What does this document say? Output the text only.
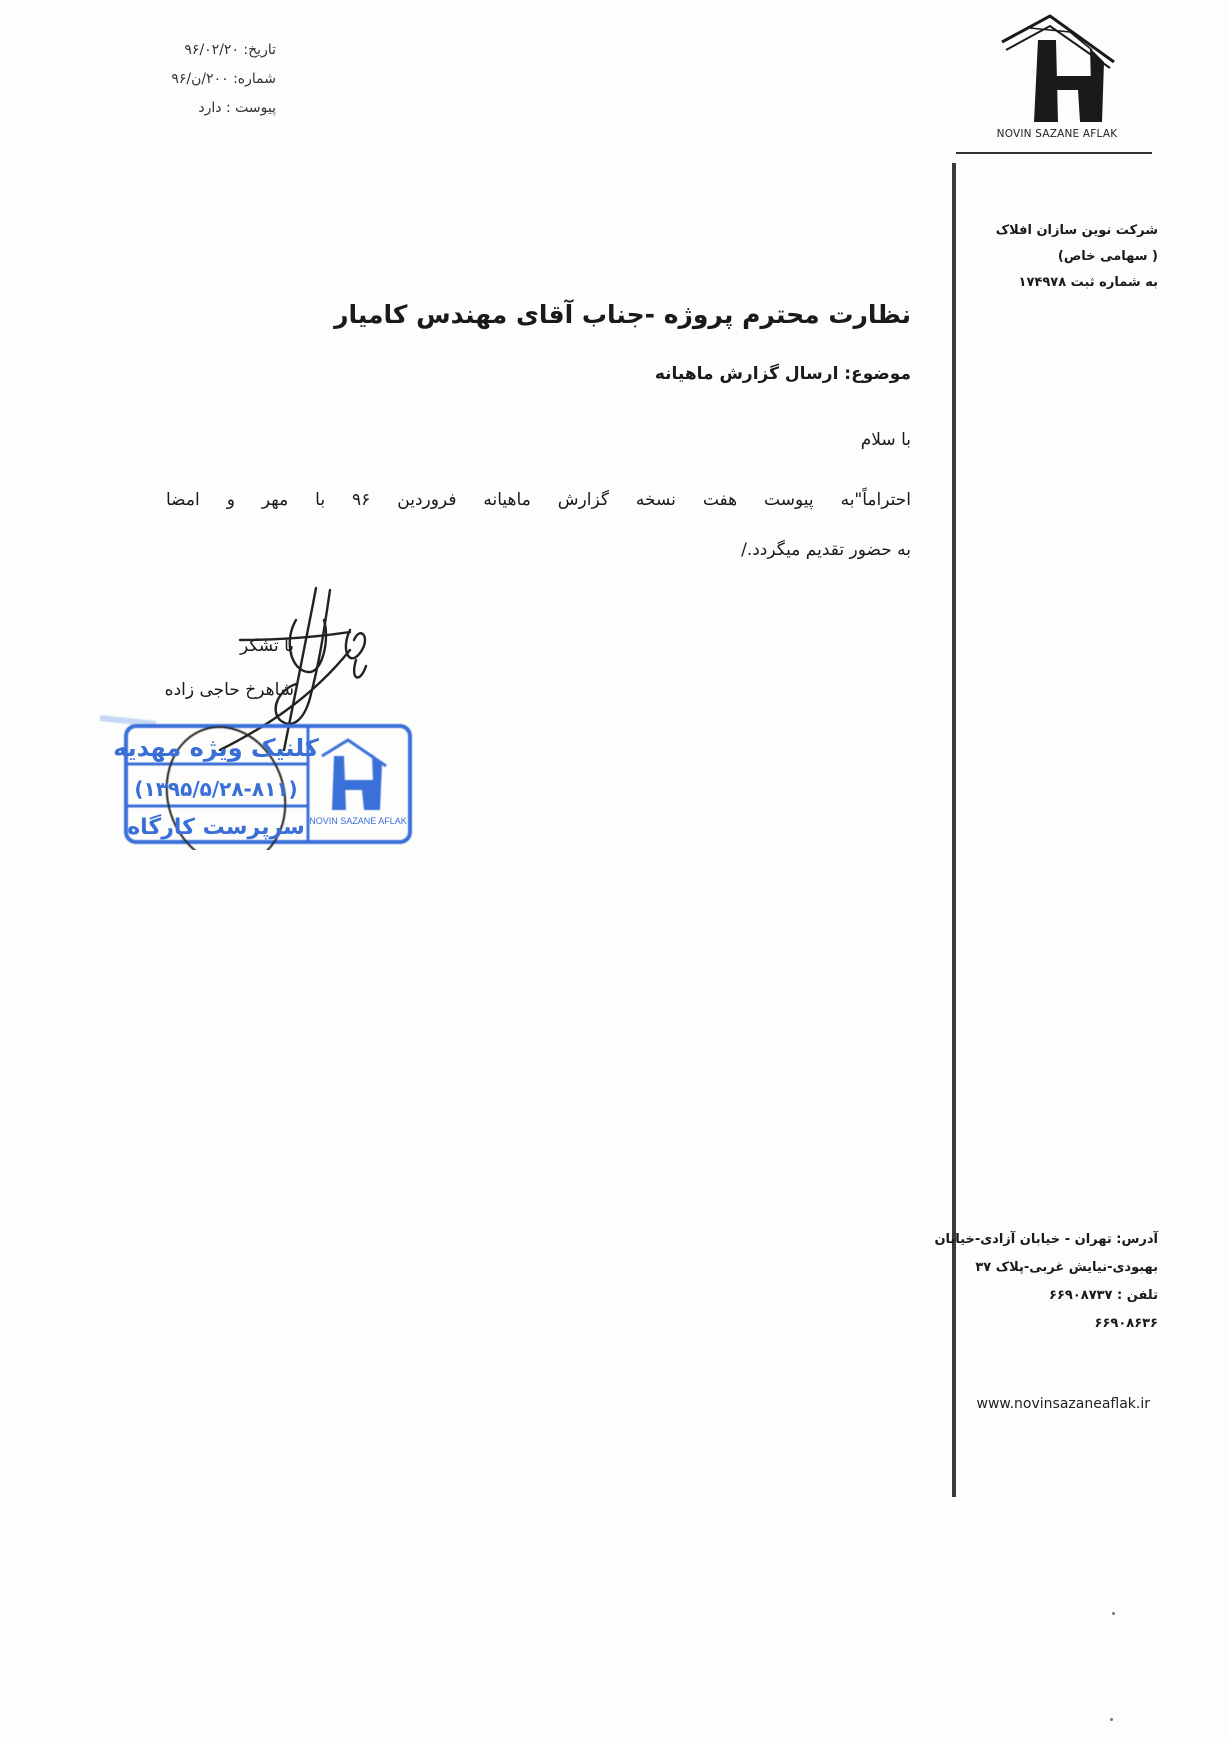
تاریخ: ۹۶/۰۲/۲۰
شماره: ۲۰۰/ن/۹۶
پیوست : دارد
NOVIN SAZANE AFLAK
شرکت نوین سازان افلاک
( سهامی خاص)
به شماره ثبت ۱۷۴۹۷۸
نظارت محترم پروژه -جناب آقای مهندس کامیار
موضوع: ارسال گزارش ماهیانه
با سلام
احتراماً"به پیوست هفت نسخه گزارش ماهیانه فروردین ۹۶ با مهر و امضا
به حضور تقدیم میگردد./
با تشکر
شاهرخ حاجی زاده
کلنیک ویژه مهدیه
(۱۳۹۵/۵/۲۸-۸۱۱)
سرپرست کارگاه NOVIN SAZANE AFLAK
آدرس: تهران - خیابان آزادی-خیابان
بهبودی-نیایش غربی-پلاک ۳۷
تلفن : ۶۶۹۰۸۷۳۷
۶۶۹۰۸۶۳۶
www.novinsazaneaflak.ir
